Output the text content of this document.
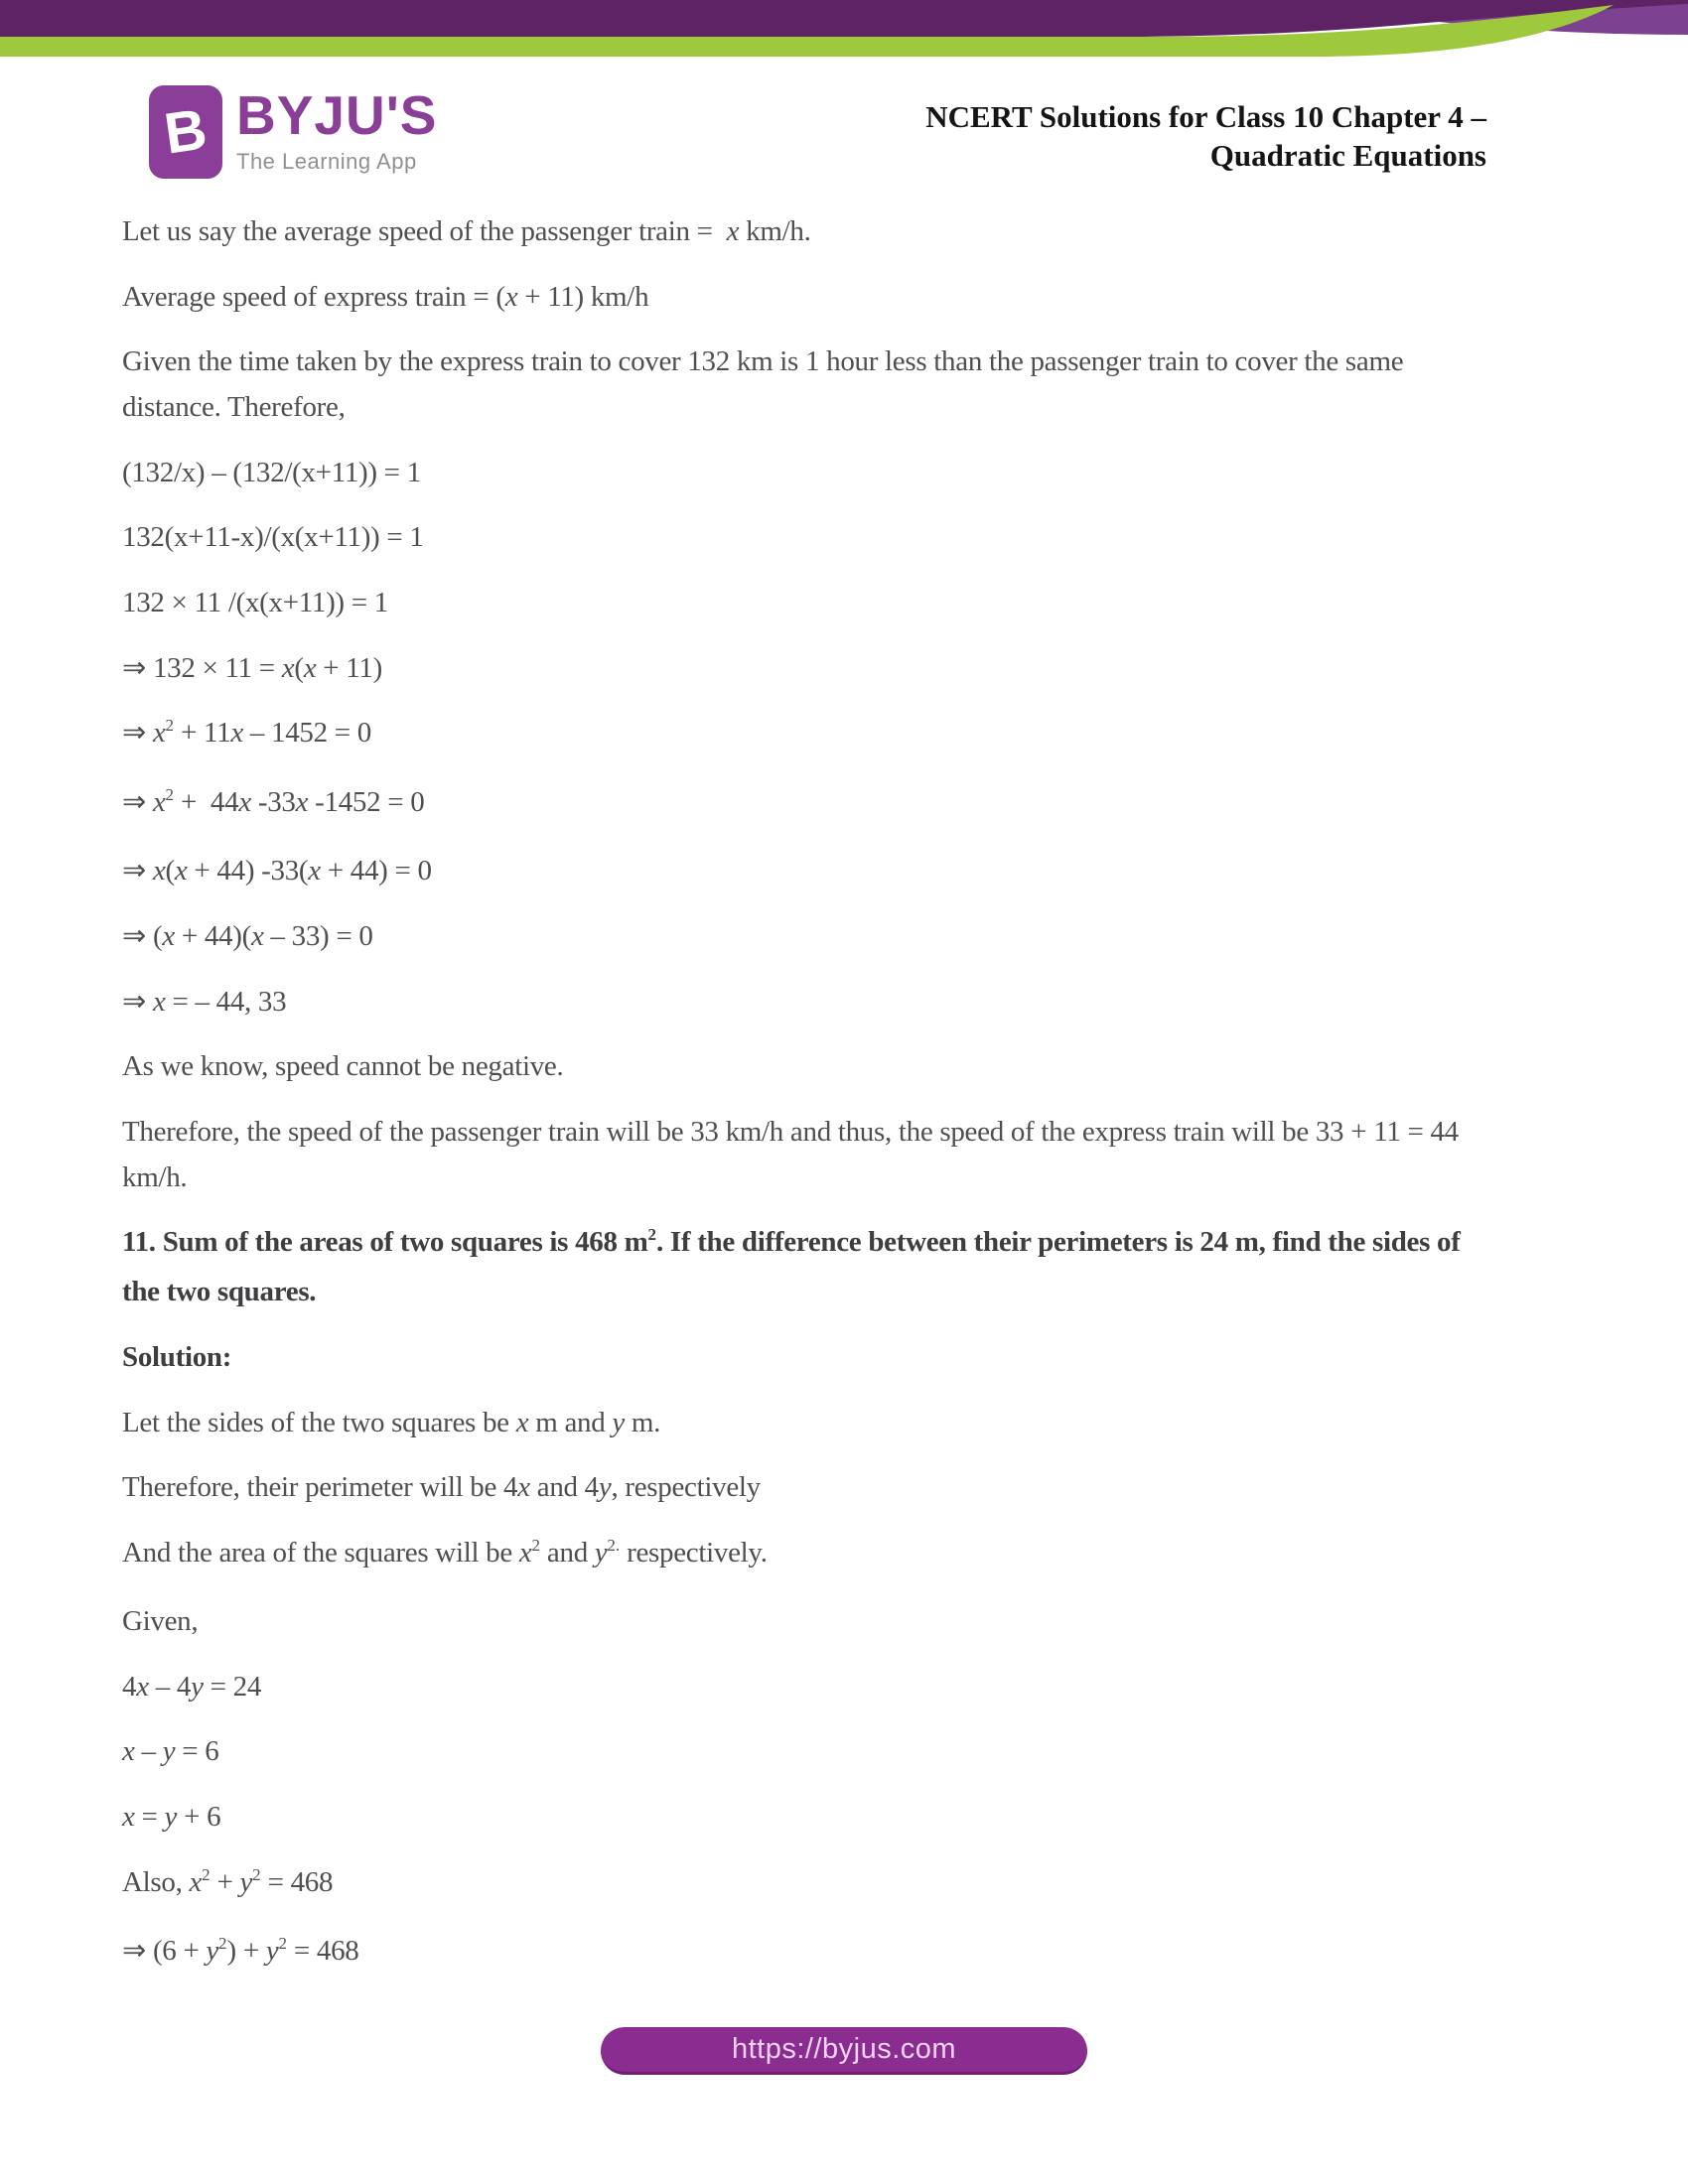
B BYJU'S
The Learning App
NCERT Solutions for Class 10 Chapter 4 –
Quadratic Equations
Let us say the average speed of the passenger train =  x km/h.
Average speed of express train = (x + 11) km/h
Given the time taken by the express train to cover 132 km is 1 hour less than the passenger train to cover the same
distance. Therefore,
(132/x) – (132/(x+11)) = 1
132(x+11-x)/(x(x+11)) = 1
132 × 11 /(x(x+11)) = 1
⇒ 132 × 11 = x(x + 11)
⇒ $x^2 + 11x - 1452 = 0$
⇒ $x^2 + 44x$ -33x -1452 = 0
⇒ x(x + 44) -33(x + 44) = 0
⇒ (x + 44)(x – 33) = 0
⇒ x = – 44, 33
As we know, speed cannot be negative.
Therefore, the speed of the passenger train will be 33 km/h and thus, the speed of the express train will be 33 + 11 = 44
km/h.
11. Sum of the areas of two squares is 468 $m^2$. If the difference between their perimeters is 24 m, find the sides of
the two squares.
Solution:
Let the sides of the two squares be x m and y m.
Therefore, their perimeter will be 4x and 4y, respectively
And the area of the squares will be $x^2$ and $y^{2.}$ respectively.
Given,
4x – 4y = 24
x – y = 6
x = y + 6
Also, $x^2 + y^2 = 468$
⇒ $(6 + y^2) + y^2 = 468$
https://byjus.com
